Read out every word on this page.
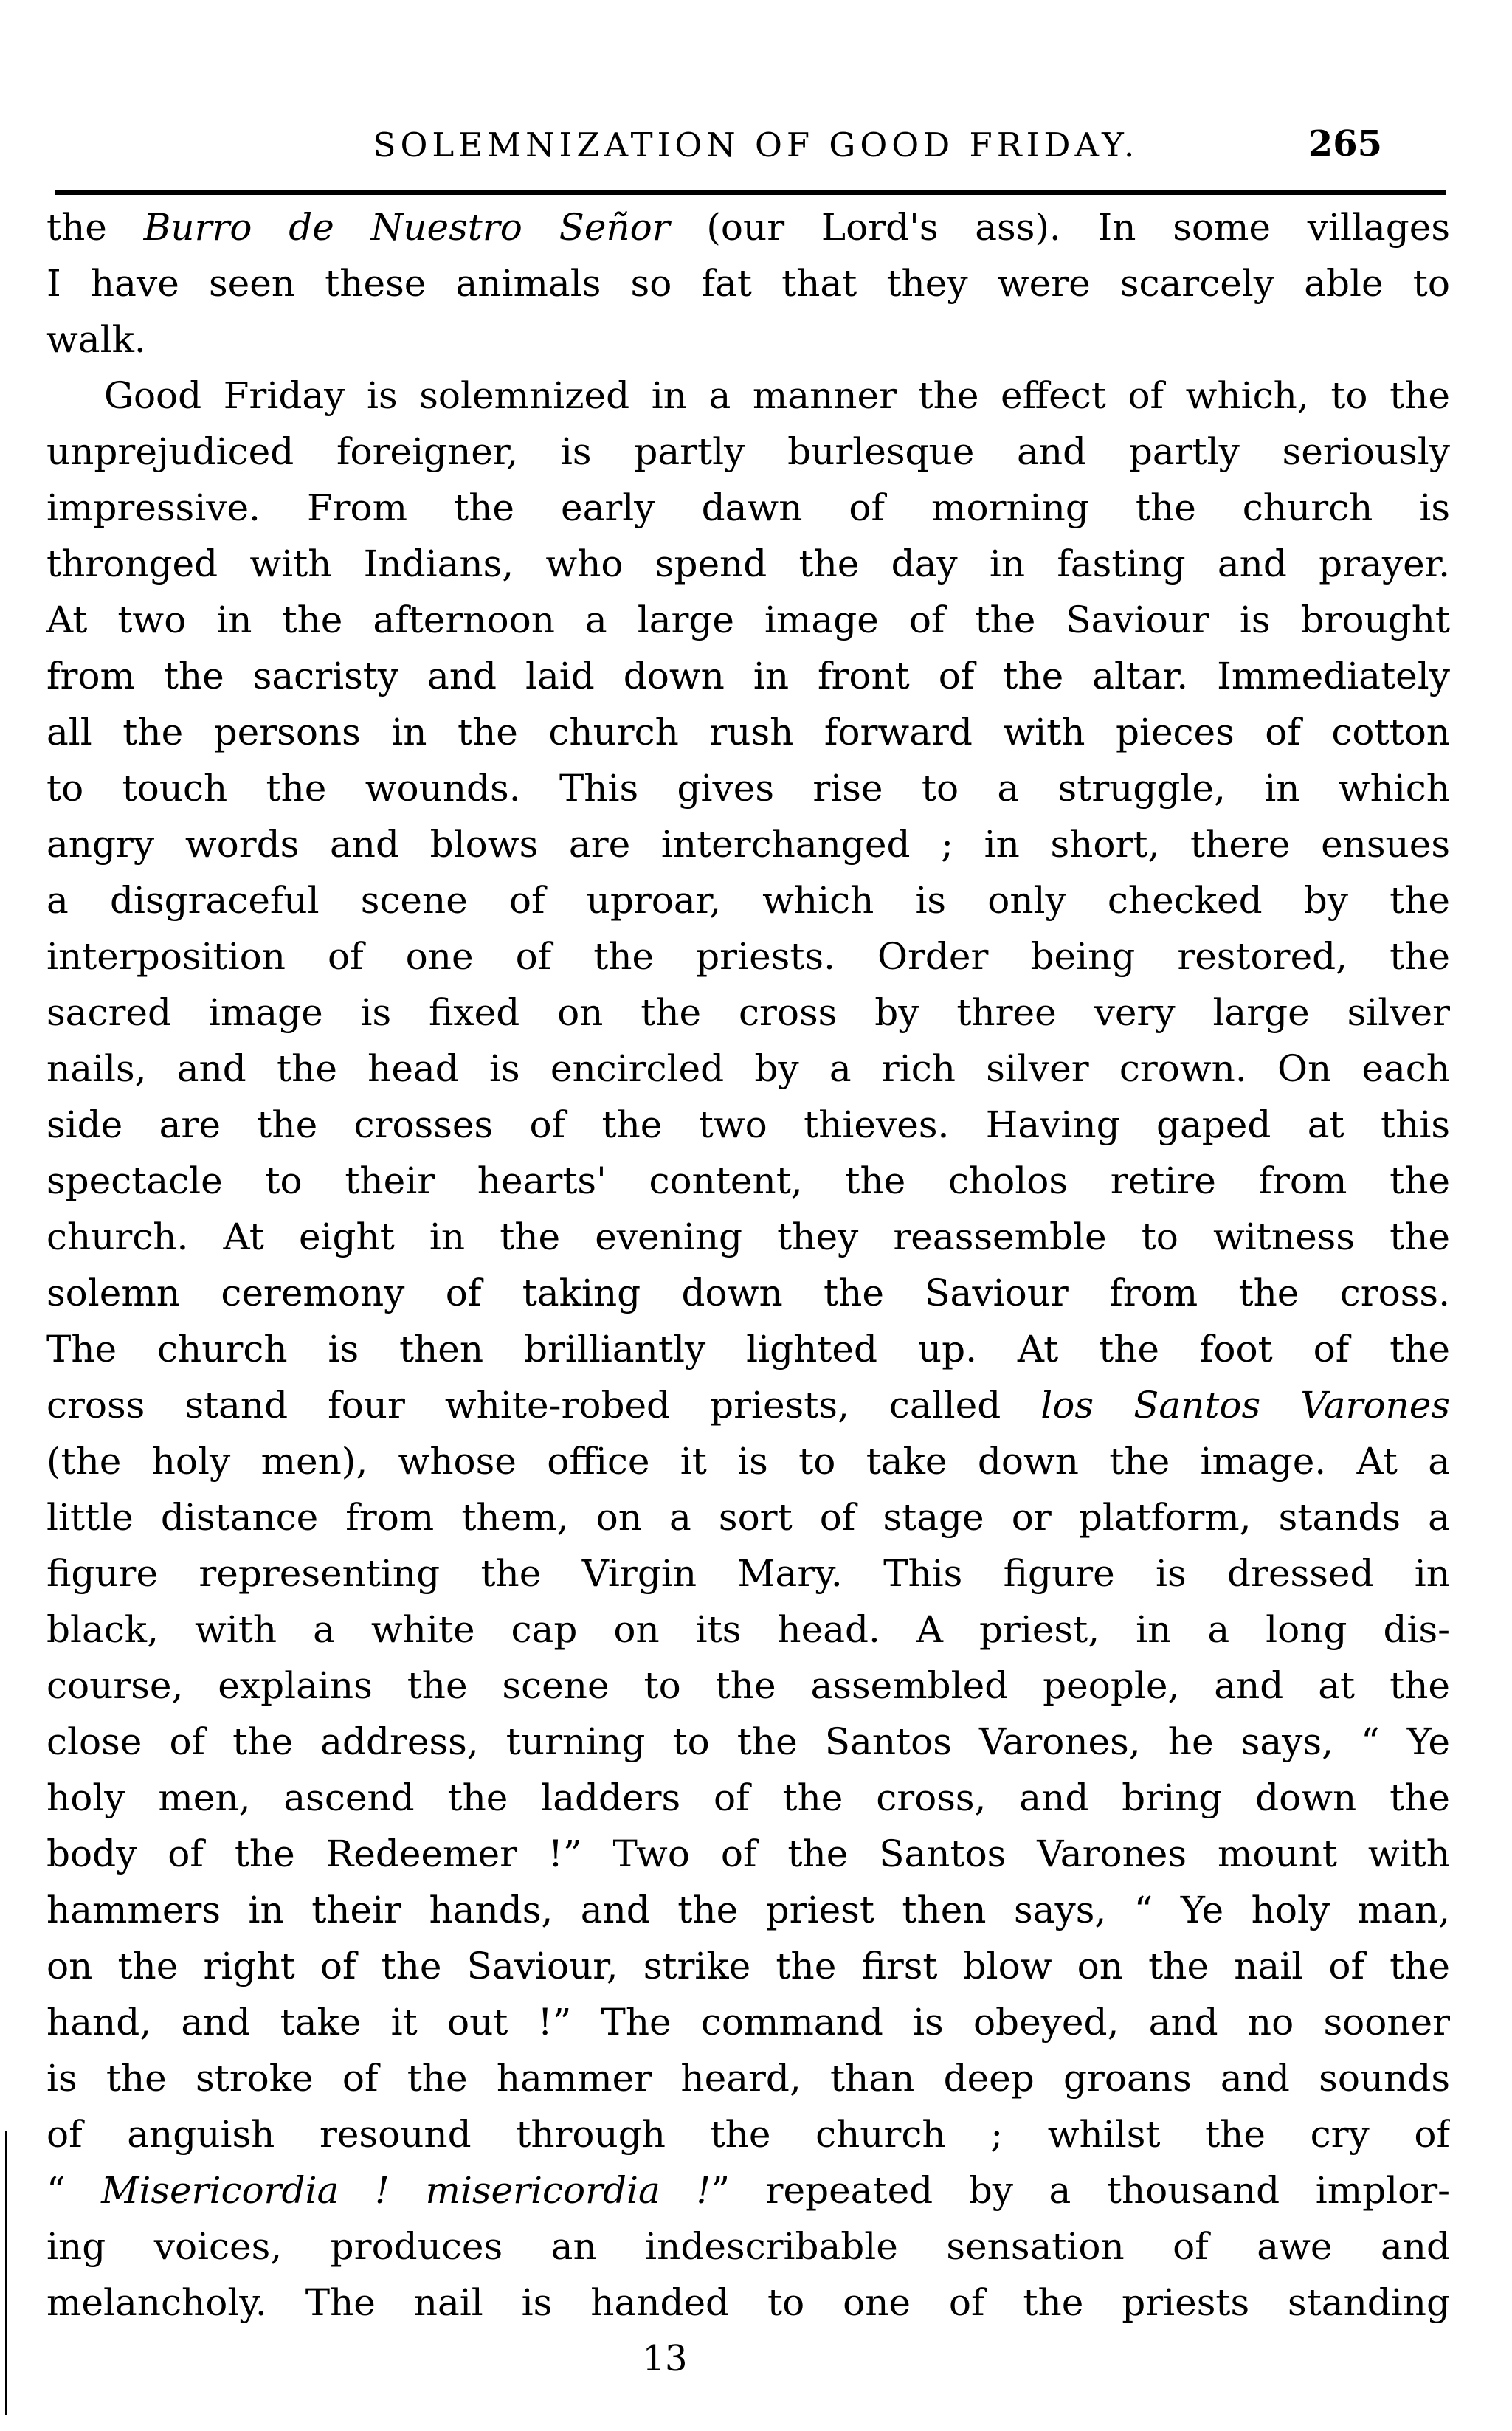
SOLEMNIZATION OF GOOD FRIDAY.	265
the Burro de Nuestro Señor (our Lord's ass). In some villages
I have seen these animals so fat that they were scarcely able to
walk.
Good Friday is solemnized in a manner the effect of which, to the
unprejudiced foreigner, is partly burlesque and partly seriously
impressive. From the early dawn of morning the church is
thronged with Indians, who spend the day in fasting and prayer.
At two in the afternoon a large image of the Saviour is brought
from the sacristy and laid down in front of the altar. Immediately
all the persons in the church rush forward with pieces of cotton
to touch the wounds. This gives rise to a struggle, in which
angry words and blows are interchanged ; in short, there ensues
a disgraceful scene of uproar, which is only checked by the
interposition of one of the priests. Order being restored, the
sacred image is fixed on the cross by three very large silver
nails, and the head is encircled by a rich silver crown. On each
side are the crosses of the two thieves. Having gaped at this
spectacle to their hearts' content, the cholos retire from the
church. At eight in the evening they reassemble to witness the
solemn ceremony of taking down the Saviour from the cross.
The church is then brilliantly lighted up. At the foot of the
cross stand four white-robed priests, called los Santos Varones
(the holy men), whose office it is to take down the image. At a
little distance from them, on a sort of stage or platform, stands a
figure representing the Virgin Mary. This figure is dressed in
black, with a white cap on its head. A priest, in a long dis-
course, explains the scene to the assembled people, and at the
close of the address, turning to the Santos Varones, he says, “ Ye
holy men, ascend the ladders of the cross, and bring down the
body of the Redeemer !” Two of the Santos Varones mount with
hammers in their hands, and the priest then says, “ Ye holy man,
on the right of the Saviour, strike the first blow on the nail of the
hand, and take it out !” The command is obeyed, and no sooner
is the stroke of the hammer heard, than deep groans and sounds
of anguish resound through the church ; whilst the cry of
“ Misericordia ! misericordia !” repeated by a thousand implor-
ing voices, produces an indescribable sensation of awe and
melancholy. The nail is handed to one of the priests standing
13
